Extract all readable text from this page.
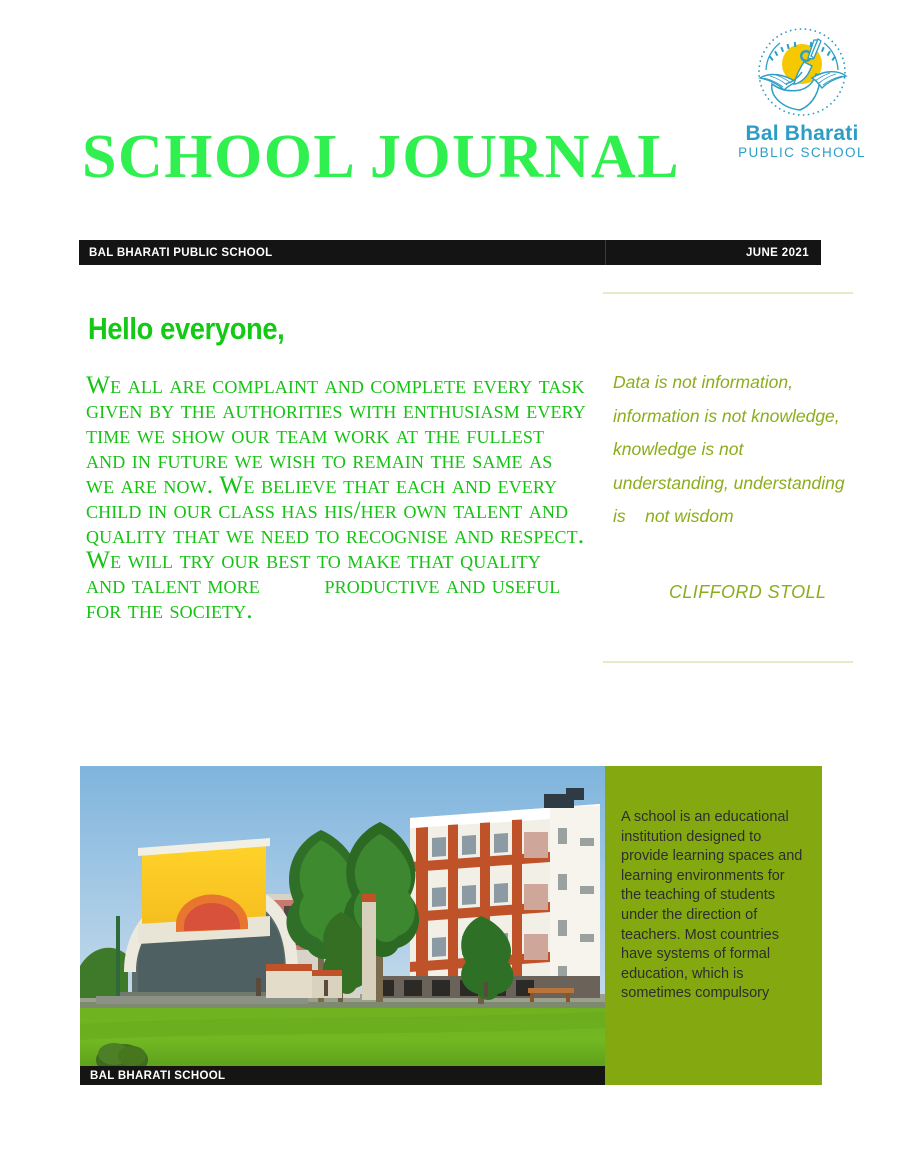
Bal Bharati
PUBLIC SCHOOL
SCHOOL JOURNAL
BAL BHARATI PUBLIC SCHOOL	JUNE 2021
Hello everyone,
We all are complaint and complete every task given by the authorities with enthusiasm every time we show our team work at the fullest and in future we wish to remain the same as we are now. We believe that each and every child in our class has his/her own talent and quality that we need to recognise and respect. We will try our best to make that quality and talent more          productive and useful for the society.
Data is not information, information is not knowledge, knowledge is not   understanding, understanding is    not wisdom
CLIFFORD STOLL
BAL BHARATI SCHOOL
A school is an educational institution designed to provide learning spaces and learning environments for the teaching of students under the direction of teachers. Most countries have systems of formal education, which is sometimes compulsory
